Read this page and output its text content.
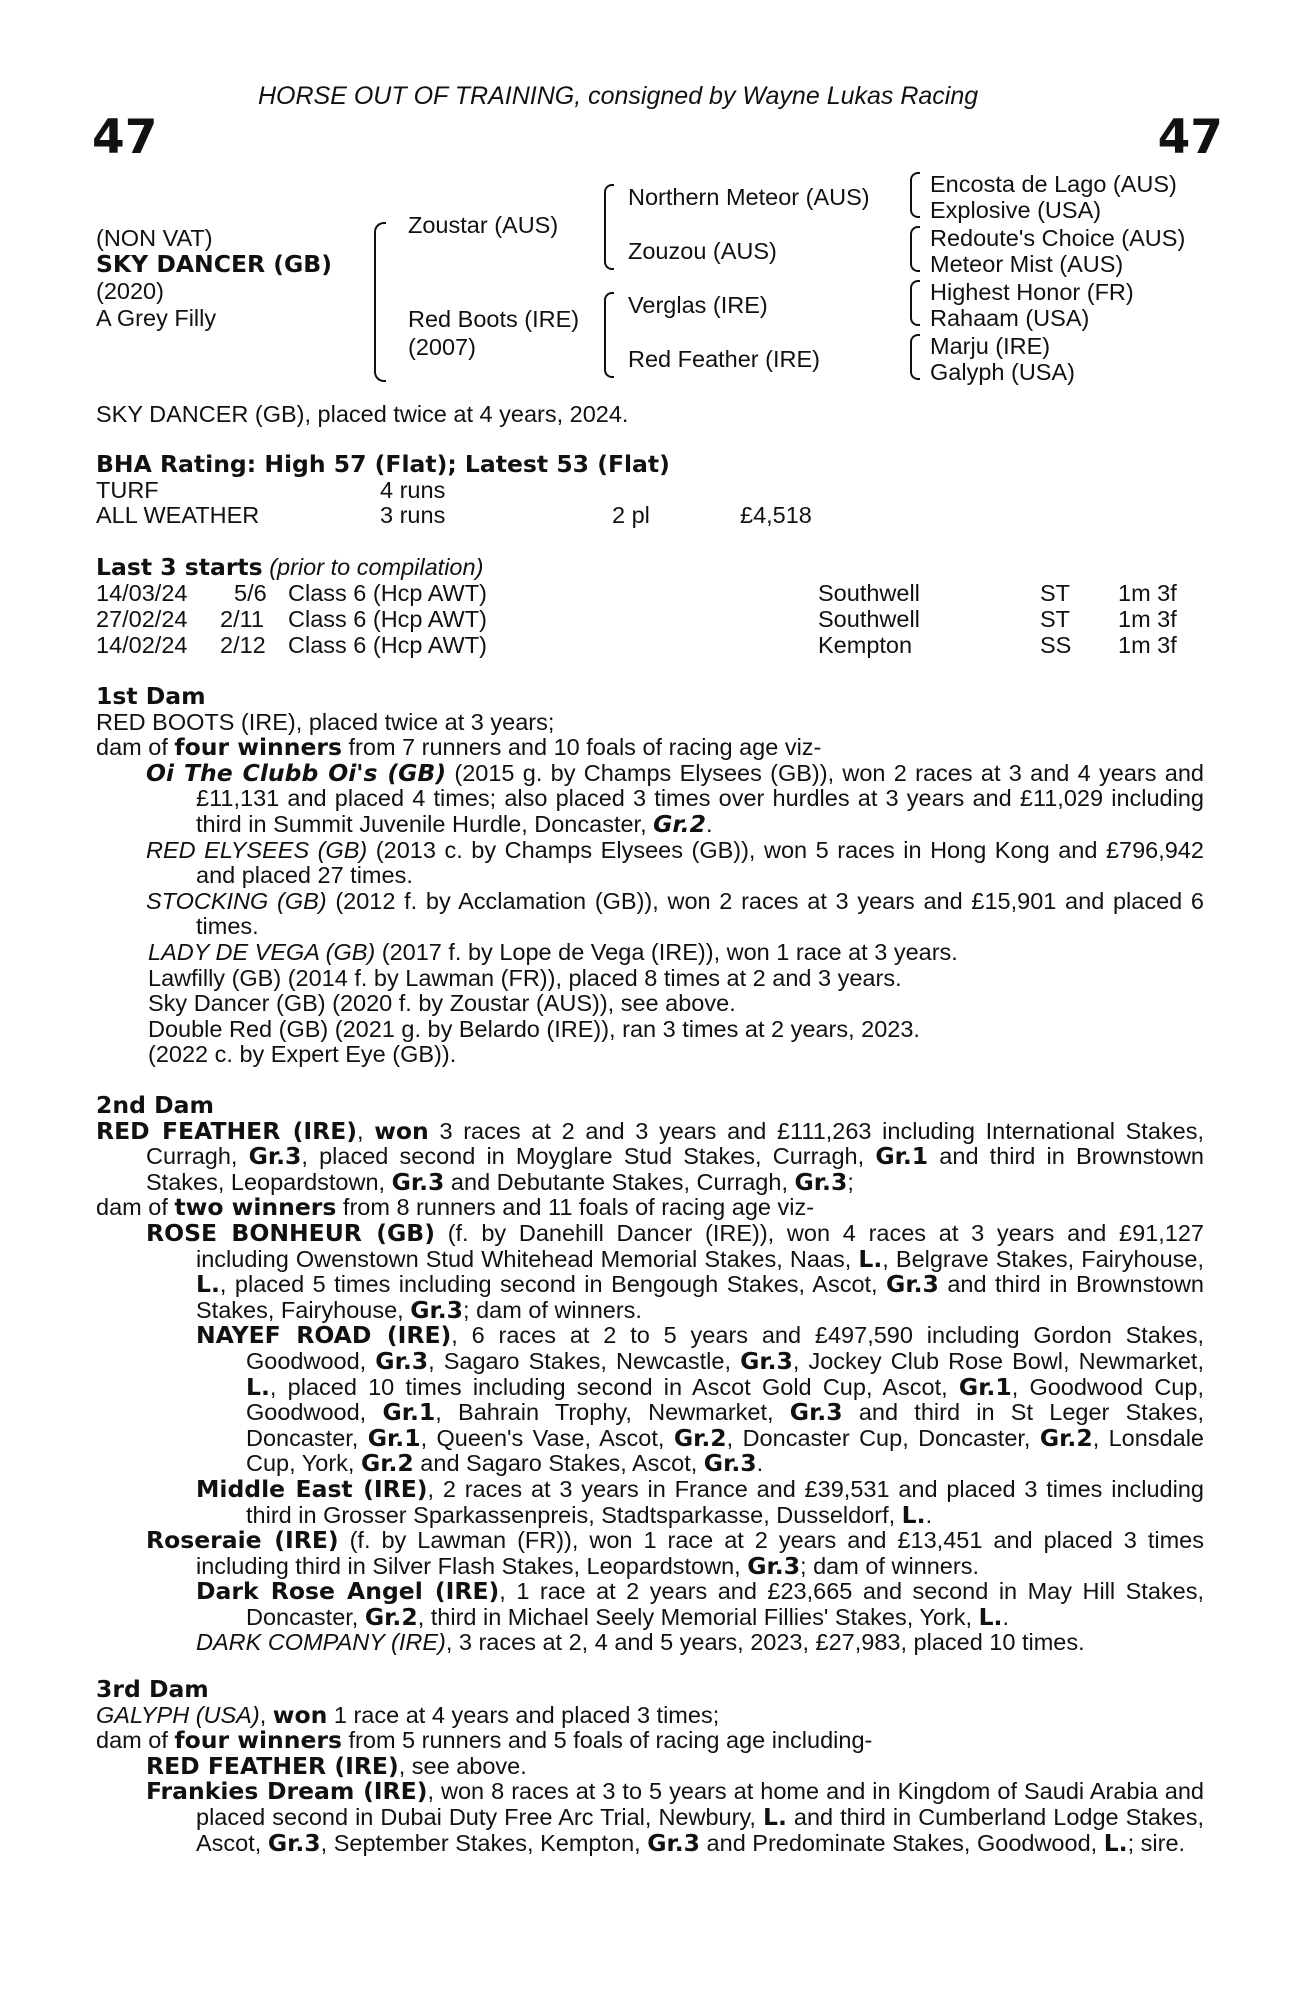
HORSE OUT OF TRAINING, consigned by Wayne Lukas Racing
47	47
(NON VAT)
SKY DANCER (GB)
(2020)
A Grey Filly
Zoustar (AUS)
Red Boots (IRE)
(2007)
Northern Meteor (AUS)
Zouzou (AUS)
Verglas (IRE)
Red Feather (IRE)
Encosta de Lago (AUS)
Explosive (USA)
Redoute's Choice (AUS)
Meteor Mist (AUS)
Highest Honor (FR)
Rahaam (USA)
Marju (IRE)
Galyph (USA)
SKY DANCER (GB), placed twice at 4 years, 2024.
BHA Rating: High 57 (Flat); Latest 53 (Flat)
TURF	4 runs
ALL WEATHER	3 runs	2 pl	£4,518
Last 3 starts (prior to compilation)
14/03/24 5/6 Class 6 (Hcp AWT)	Southwell	ST 1m 3f
27/02/24 2/11 Class 6 (Hcp AWT)	Southwell	ST 1m 3f
14/02/24 2/12 Class 6 (Hcp AWT)	Kempton	SS 1m 3f

1st Dam

RED BOOTS (IRE), placed twice at 3 years;

dam of four winners from 7 runners and 10 foals of racing age viz-

Oi The Clubb Oi's (GB) (2015 g. by Champs Elysees (GB)), won 2 races at 3 and 4 years and £11,131 and placed 4 times; also placed 3 times over hurdles at 3 years and £11,029 including third in Summit Juvenile Hurdle, Doncaster, Gr.2.

RED ELYSEES (GB) (2013 c. by Champs Elysees (GB)), won 5 races in Hong Kong and £796,942 and placed 27 times.

STOCKING (GB) (2012 f. by Acclamation (GB)), won 2 races at 3 years and £15,901 and placed 6 times.

LADY DE VEGA (GB) (2017 f. by Lope de Vega (IRE)), won 1 race at 3 years.

Lawfilly (GB) (2014 f. by Lawman (FR)), placed 8 times at 2 and 3 years.

Sky Dancer (GB) (2020 f. by Zoustar (AUS)), see above.

Double Red (GB) (2021 g. by Belardo (IRE)), ran 3 times at 2 years, 2023.

(2022 c. by Expert Eye (GB)).

2nd Dam

RED FEATHER (IRE), won 3 races at 2 and 3 years and £111,263 including International Stakes, Curragh, Gr.3, placed second in Moyglare Stud Stakes, Curragh, Gr.1 and third in Brownstown Stakes, Leopardstown, Gr.3 and Debutante Stakes, Curragh, Gr.3;

dam of two winners from 8 runners and 11 foals of racing age viz-

ROSE BONHEUR (GB) (f. by Danehill Dancer (IRE)), won 4 races at 3 years and £91,127 including Owenstown Stud Whitehead Memorial Stakes, Naas, L., Belgrave Stakes, Fairyhouse, L., placed 5 times including second in Bengough Stakes, Ascot, Gr.3 and third in Brownstown Stakes, Fairyhouse, Gr.3; dam of winners.

NAYEF ROAD (IRE), 6 races at 2 to 5 years and £497,590 including Gordon Stakes, Goodwood, Gr.3, Sagaro Stakes, Newcastle, Gr.3, Jockey Club Rose Bowl, Newmarket, L., placed 10 times including second in Ascot Gold Cup, Ascot, Gr.1, Goodwood Cup, Goodwood, Gr.1, Bahrain Trophy, Newmarket, Gr.3 and third in St Leger Stakes, Doncaster, Gr.1, Queen's Vase, Ascot, Gr.2, Doncaster Cup, Doncaster, Gr.2, Lonsdale Cup, York, Gr.2 and Sagaro Stakes, Ascot, Gr.3.

Middle East (IRE), 2 races at 3 years in France and £39,531 and placed 3 times including third in Grosser Sparkassenpreis, Stadtsparkasse, Dusseldorf, L..

Roseraie (IRE) (f. by Lawman (FR)), won 1 race at 2 years and £13,451 and placed 3 times including third in Silver Flash Stakes, Leopardstown, Gr.3; dam of winners.

Dark Rose Angel (IRE), 1 race at 2 years and £23,665 and second in May Hill Stakes, Doncaster, Gr.2, third in Michael Seely Memorial Fillies' Stakes, York, L..

DARK COMPANY (IRE), 3 races at 2, 4 and 5 years, 2023, £27,983, placed 10 times.

3rd Dam

GALYPH (USA), won 1 race at 4 years and placed 3 times;

dam of four winners from 5 runners and 5 foals of racing age including-

RED FEATHER (IRE), see above.

Frankies Dream (IRE), won 8 races at 3 to 5 years at home and in Kingdom of Saudi Arabia and placed second in Dubai Duty Free Arc Trial, Newbury, L. and third in Cumberland Lodge Stakes, Ascot, Gr.3, September Stakes, Kempton, Gr.3 and Predominate Stakes, Goodwood, L.; sire.
